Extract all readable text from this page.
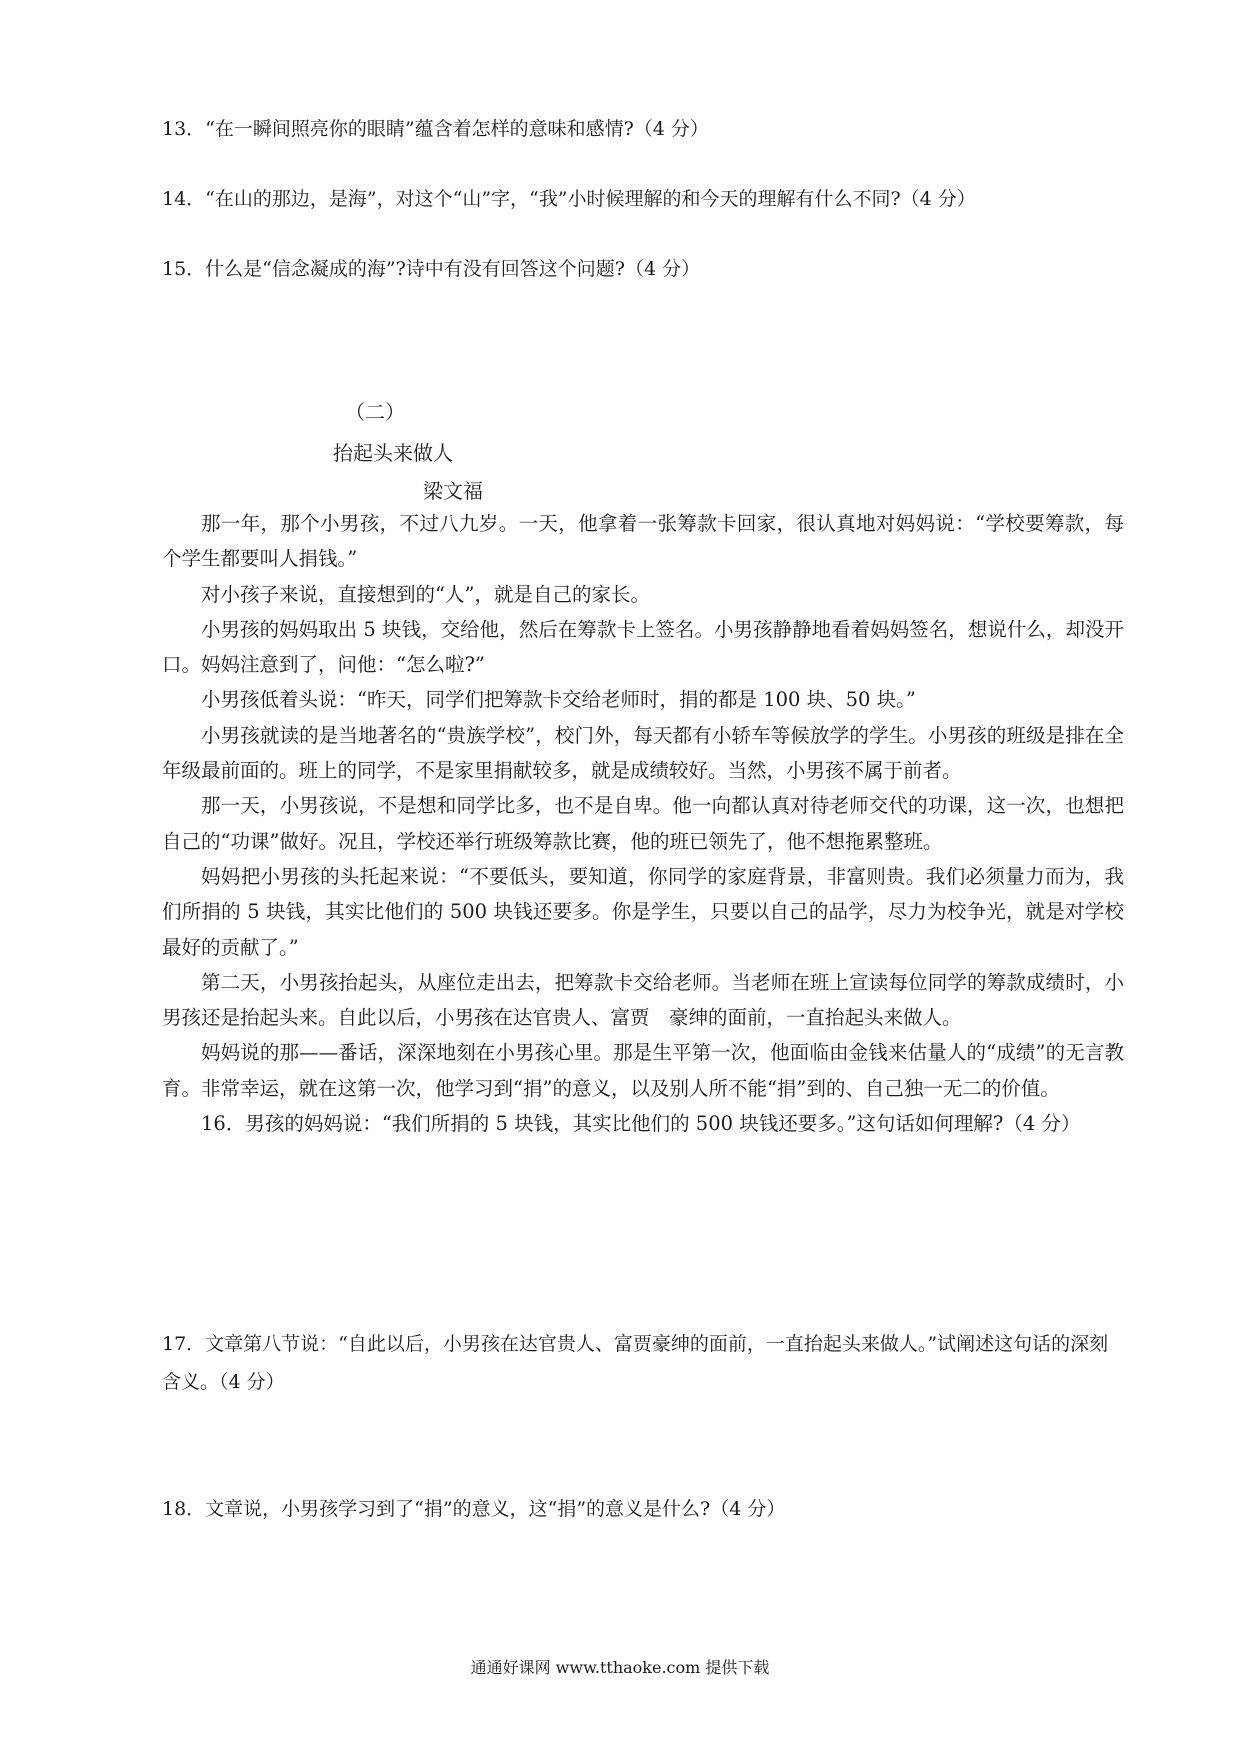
13．“在一瞬间照亮你的眼睛”蕴含着怎样的意味和感情?（4 分）
14．“在山的那边，是海”，对这个“山”字，“我”小时候理解的和今天的理解有什么不同?（4 分）
15．什么是“信念凝成的海”?诗中有没有回答这个问题?（4 分）
（二）
抬起头来做人
梁文福

那一年，那个小男孩，不过八九岁。一天，他拿着一张筹款卡回家，很认真地对妈妈说：“学校要筹款，每个学生都要叫人捐钱。”

对小孩子来说，直接想到的“人”，就是自己的家长。

小男孩的妈妈取出 5 块钱，交给他，然后在筹款卡上签名。小男孩静静地看着妈妈签名，想说什么，却没开口。妈妈注意到了，问他：“怎么啦?”

小男孩低着头说：“昨天，同学们把筹款卡交给老师时，捐的都是 100 块、50 块。”

小男孩就读的是当地著名的“贵族学校”，校门外，每天都有小轿车等候放学的学生。小男孩的班级是排在全年级最前面的。班上的同学，不是家里捐献较多，就是成绩较好。当然，小男孩不属于前者。

那一天，小男孩说，不是想和同学比多，也不是自卑。他一向都认真对待老师交代的功课，这一次，也想把自己的“功课”做好。况且，学校还举行班级筹款比赛，他的班已领先了，他不想拖累整班。

妈妈把小男孩的头托起来说：“不要低头，要知道，你同学的家庭背景，非富则贵。我们必须量力而为，我们所捐的 5 块钱，其实比他们的 500 块钱还要多。你是学生，只要以自己的品学，尽力为校争光，就是对学校最好的贡献了。”

第二天，小男孩抬起头，从座位走出去，把筹款卡交给老师。当老师在班上宣读每位同学的筹款成绩时，小男孩还是抬起头来。自此以后，小男孩在达官贵人、富贾　豪绅的面前，一直抬起头来做人。

妈妈说的那——番话，深深地刻在小男孩心里。那是生平第一次，他面临由金钱来估量人的“成绩”的无言教育。非常幸运，就在这第一次，他学习到“捐”的意义，以及别人所不能“捐”到的、自己独一无二的价值。

16．男孩的妈妈说：“我们所捐的 5 块钱，其实比他们的 500 块钱还要多。”这句话如何理解?（4 分）

17．文章第八节说：“自此以后，小男孩在达官贵人、富贾豪绅的面前，一直抬起头来做人。”试阐述这句话的深刻含义。（4 分）
18．文章说，小男孩学习到了“捐”的意义，这“捐”的意义是什么?（4 分）
通通好课网 www.tthaoke.com 提供下载
